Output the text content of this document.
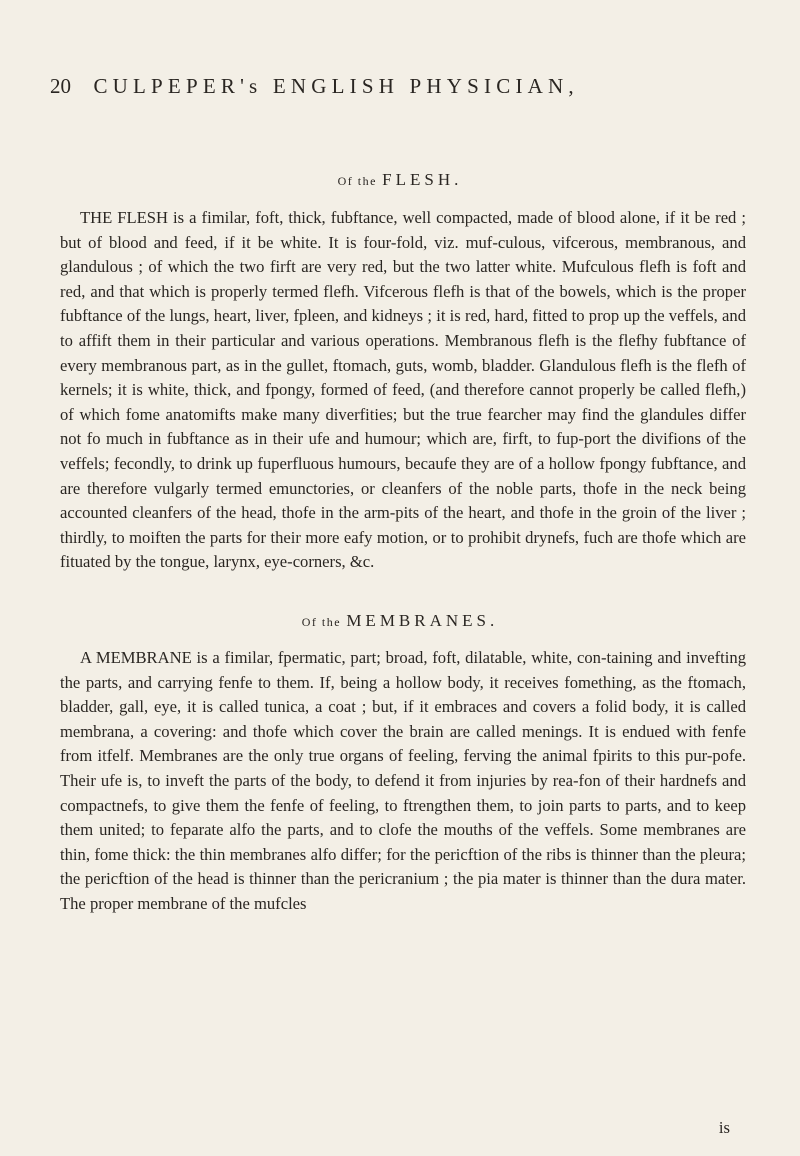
20 CULPEPER's ENGLISH PHYSICIAN,
Of the FLESH.

THE FLESH is a fimilar, foft, thick, fubftance, well compacted, made of blood alone, if it be red ; but of blood and feed, if it be white. It is four-fold, viz. muf-culous, vifcerous, membranous, and glandulous ; of which the two firft are very red, but the two latter white. Mufculous flefh is foft and red, and that which is properly termed flefh. Vifcerous flefh is that of the bowels, which is the proper fubftance of the lungs, heart, liver, fpleen, and kidneys ; it is red, hard, fitted to prop up the veffels, and to affift them in their particular and various operations. Membranous flefh is the flefhy fubftance of every membranous part, as in the gullet, ftomach, guts, womb, bladder. Glandulous flefh is the flefh of kernels; it is white, thick, and fpongy, formed of feed, (and therefore cannot properly be called flefh,) of which fome anatomifts make many diverfities; but the true fearcher may find the glandules differ not fo much in fubftance as in their ufe and humour; which are, firft, to fup-port the divifions of the veffels; fecondly, to drink up fuperfluous humours, becaufe they are of a hollow fpongy fubftance, and are therefore vulgarly termed emunctories, or cleanfers of the noble parts, thofe in the neck being accounted cleanfers of the head, thofe in the arm-pits of the heart, and thofe in the groin of the liver ; thirdly, to moiften the parts for their more eafy motion, or to prohibit drynefs, fuch are thofe which are fituated by the tongue, larynx, eye-corners, &c.

Of the MEMBRANES.

A MEMBRANE is a fimilar, fpermatic, part; broad, foft, dilatable, white, con-taining and invefting the parts, and carrying fenfe to them. If, being a hollow body, it receives fomething, as the ftomach, bladder, gall, eye, it is called tunica, a coat ; but, if it embraces and covers a folid body, it is called membrana, a covering: and thofe which cover the brain are called menings. It is endued with fenfe from itfelf. Membranes are the only true organs of feeling, ferving the animal fpirits to this pur-pofe. Their ufe is, to inveft the parts of the body, to defend it from injuries by rea-fon of their hardnefs and compactnefs, to give them the fenfe of feeling, to ftrengthen them, to join parts to parts, and to keep them united; to feparate alfo the parts, and to clofe the mouths of the veffels. Some membranes are thin, fome thick: the thin membranes alfo differ; for the pericftion of the ribs is thinner than the pleura; the pericftion of the head is thinner than the pericranium ; the pia mater is thinner than the dura mater. The proper membrane of the mufcles

is
